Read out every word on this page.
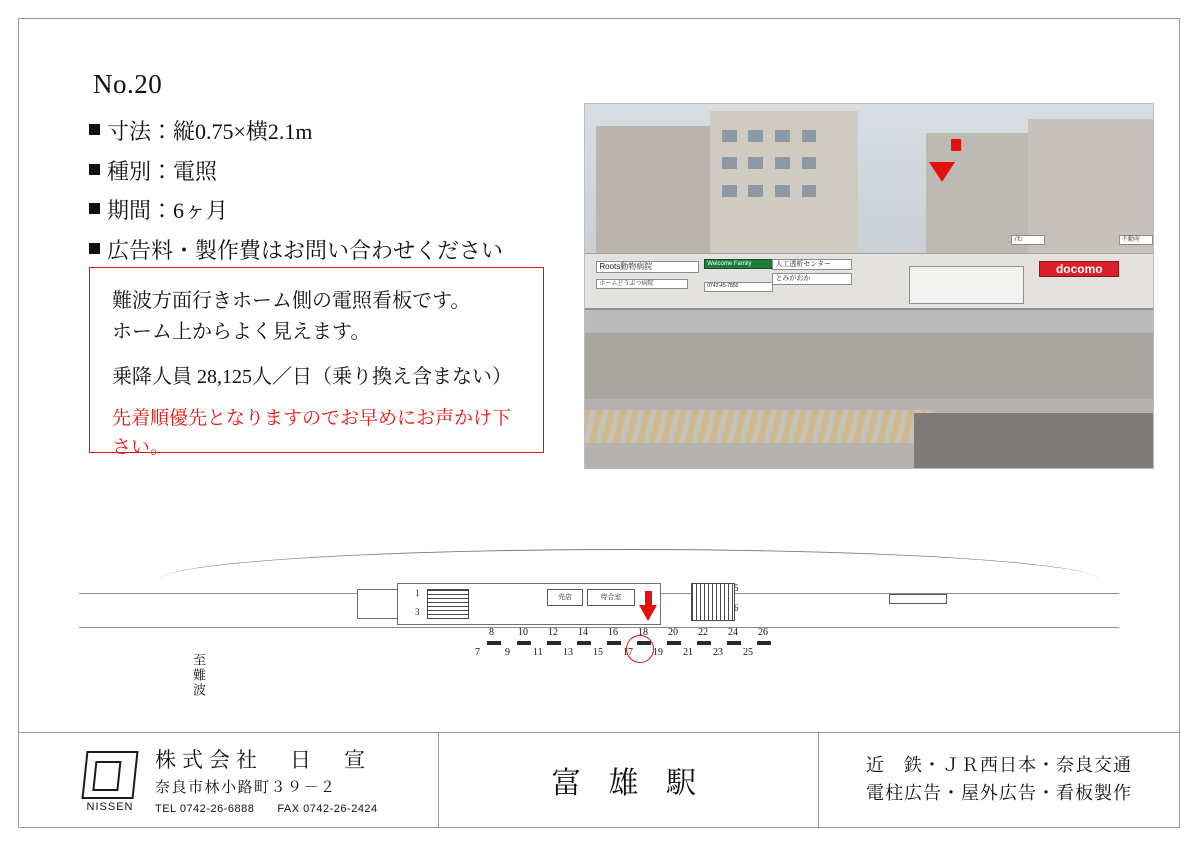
No.20
寸法：縦0.75×横2.1m
種別：電照
期間：6ヶ月
広告料・製作費はお問い合わせください

難波方面行きホーム側の電照看板です。

ホーム上からよく見えます。

乗降人員 28,125人／日（乗り換え含まない）

先着順優先となりますのでお早めにお声かけ下さい。

Roots動物病院
ホームどうぶつ病院
Welcome Family	人工透析センター
とみがおか
0742-45-7850
docomo
ｲｵﾝ	不動産
1
3
5
6
売店	待合室
8 10 12 14 16 18 20 22 24 26
7	9 11 13 15 17 19 21 23 25
至難波
NISSEN

株式会社　日　宣

奈良市林小路町３９－２

TEL 0742-26-6888　　FAX 0742-26-2424

富 雄 駅
近　鉄・ＪＲ西日本・奈良交通
電柱広告・屋外広告・看板製作
